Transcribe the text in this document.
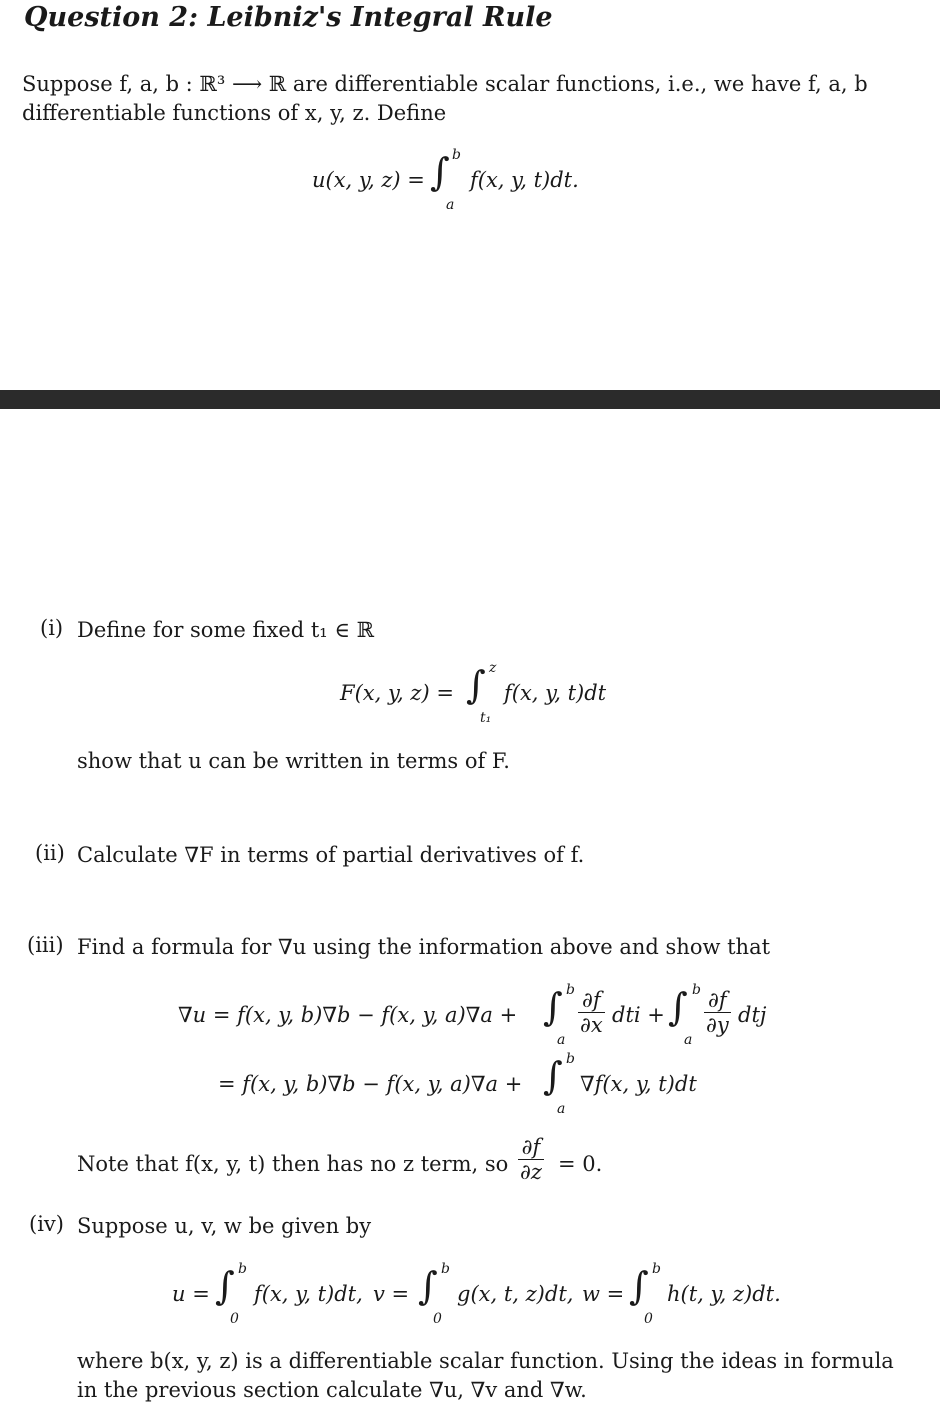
Question 2: Leibniz's Integral Rule
Suppose f, a, b : ℝ³ ⟶ ℝ are differentiable scalar functions, i.e., we have f, a, b
differentiable functions of x, y, z. Define
u(x, y, z) = ∫ b
a
f(x, y, t)dt.
(i) Define for some fixed t₁ ∈ ℝ
F(x, y, z) = ∫ z
t₁
f(x, y, t)dt
show that u can be written in terms of F.
(ii) Calculate ∇F in terms of partial derivatives of f.
(iii) Find a formula for ∇u using the information above and show that
∇u = f(x, y, b)∇b − f(x, y, a)∇a + ∫ b
a
$\frac{\partial f}{\partial x}$ dti + ∫ b
a
$\frac{\partial f}{\partial y}$ dtj
= f(x, y, b)∇b − f(x, y, a)∇a + ∫ b
a
∇f(x, y, t)dt
Note that f(x, y, t) then has no z term, so $\frac{\partial f}{\partial z} = 0$.
(iv) Suppose u, v, w be given by
u = ∫ b
0
f(x, y, t)dt, v = ∫ b
0
g(x, t, z)dt, w = ∫ b
0
h(t, y, z)dt.
where b(x, y, z) is a differentiable scalar function. Using the ideas in formula
in the previous section calculate ∇u, ∇v and ∇w.
